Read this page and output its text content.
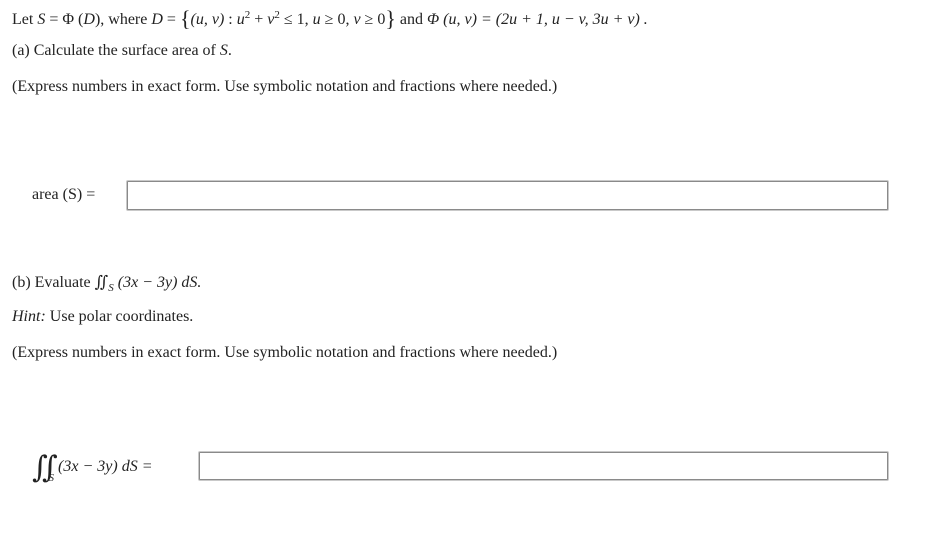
Let S = Φ (D), where D = {(u, v) : $u^2 + v^2 \le 1$, u ≥ 0, v ≥ 0} and Φ (u, v) = (2u + 1, u − v, 3u + v) .
(a) Calculate the surface area of S.
(Express numbers in exact form. Use symbolic notation and fractions where needed.)
area (S) =
(b) Evaluate $∬_S$ (3x − 3y) dS.
Hint: Use polar coordinates.
(Express numbers in exact form. Use symbolic notation and fractions where needed.)
$∬_S$ (3x − 3y) dS =
